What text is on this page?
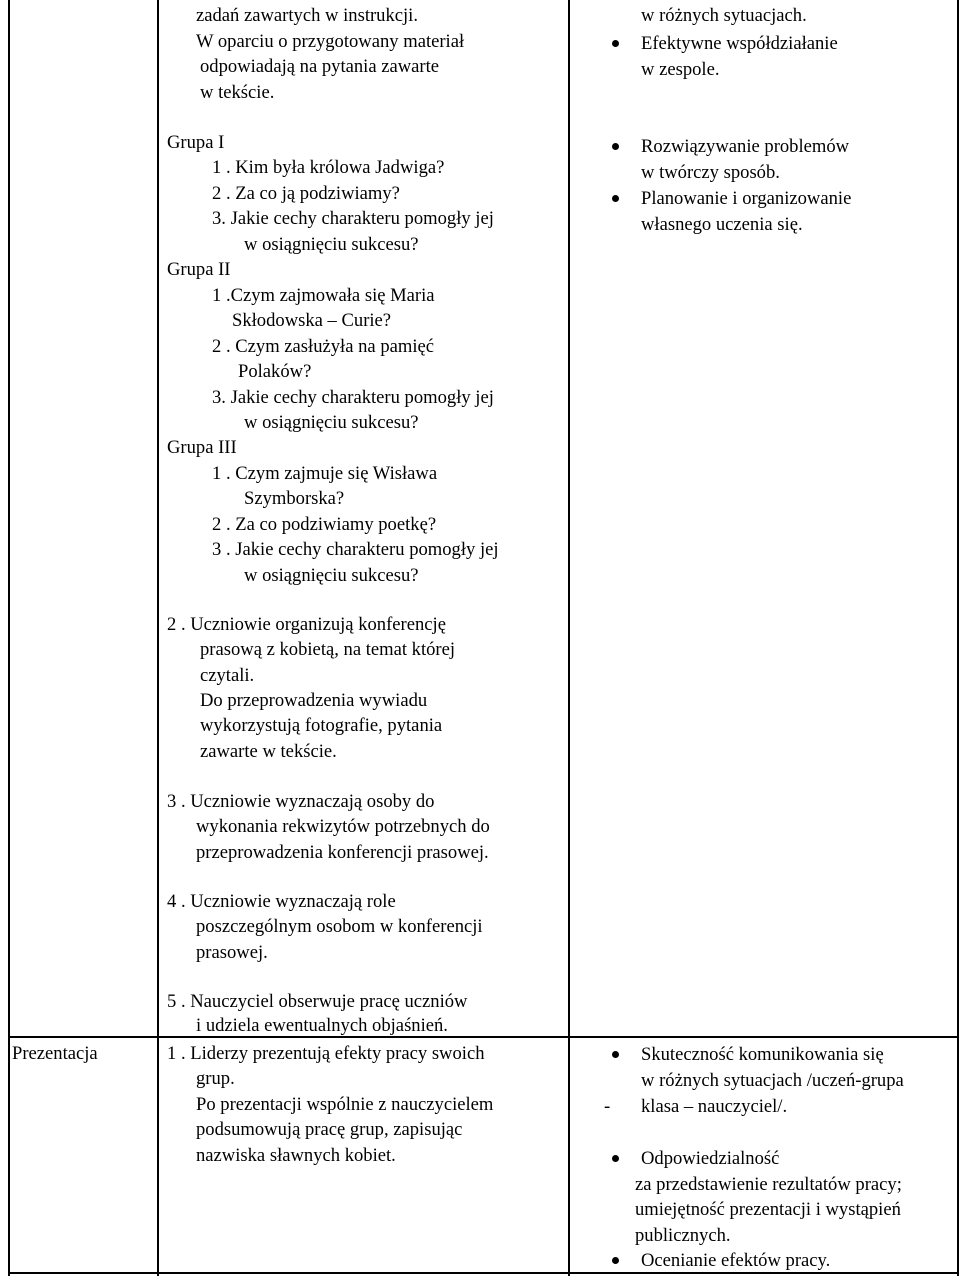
zadań zawartych w instrukcji.
W oparciu o przygotowany materiał
odpowiadają na pytania zawarte
w tekście.
Grupa I
1 . Kim była królowa Jadwiga?
2 . Za co ją podziwiamy?
3. Jakie cechy charakteru pomogły jej
w osiągnięciu sukcesu?
Grupa II
1 .Czym zajmowała się Maria
Skłodowska – Curie?
2 . Czym zasłużyła na pamięć
Polaków?
3. Jakie cechy charakteru pomogły jej
w osiągnięciu sukcesu?
Grupa III
1 . Czym zajmuje się Wisława
Szymborska?
2 . Za co podziwiamy poetkę?
3 . Jakie cechy charakteru pomogły jej
w osiągnięciu sukcesu?
2 . Uczniowie organizują konferencję
prasową z kobietą, na temat której
czytali.
Do przeprowadzenia wywiadu
wykorzystują fotografie, pytania
zawarte w tekście.
3 . Uczniowie wyznaczają osoby do
wykonania rekwizytów potrzebnych do
przeprowadzenia konferencji prasowej.
4 . Uczniowie wyznaczają role
poszczególnym osobom w konferencji
prasowej.
5 . Nauczyciel obserwuje pracę uczniów
i udziela ewentualnych objaśnień.
w różnych sytuacjach.
Efektywne współdziałanie
w zespole.
Rozwiązywanie problemów
w twórczy sposób.
Planowanie i organizowanie
własnego uczenia się.
Prezentacja	1 . Liderzy prezentują efekty pracy swoich
grup.
Po prezentacji wspólnie z nauczycielem
podsumowują pracę grup, zapisując
nazwiska sławnych kobiet.
Skuteczność komunikowania się
w różnych sytuacjach /uczeń-grupa
- klasa – nauczyciel/.
Odpowiedzialność
za przedstawienie rezultatów pracy;
umiejętność prezentacji i wystąpień
publicznych.
Ocenianie efektów pracy.
